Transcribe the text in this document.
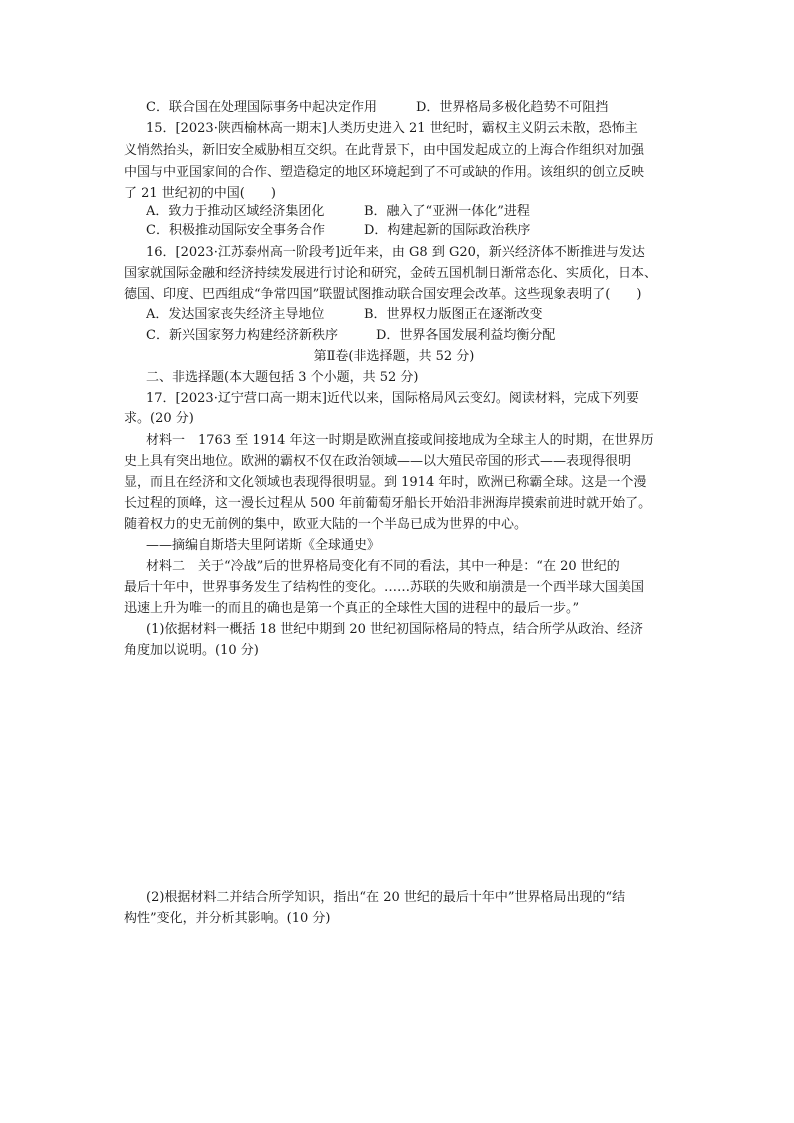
C．联合国在处理国际事务中起决定作用	D．世界格局多极化趋势不可阻挡
15．[2023·陕西榆林高一期末]人类历史进入 21 世纪时，霸权主义阴云未散，恐怖主
义悄然抬头，新旧安全威胁相互交织。在此背景下，由中国发起成立的上海合作组织对加强
中国与中亚国家间的合作、塑造稳定的地区环境起到了不可或缺的作用。该组织的创立反映
了 21 世纪初的中国(　　)
A．致力于推动区域经济集团化	B．融入了“亚洲一体化”进程
C．积极推动国际安全事务合作	D．构建起新的国际政治秩序
16．[2023·江苏泰州高一阶段考]近年来，由 G8 到 G20，新兴经济体不断推进与发达
国家就国际金融和经济持续发展进行讨论和研究，金砖五国机制日渐常态化、实质化，日本、
德国、印度、巴西组成“争常四国”联盟试图推动联合国安理会改革。这些现象表明了(　　)
A．发达国家丧失经济主导地位	B．世界权力版图正在逐渐改变
C．新兴国家努力构建经济新秩序	D．世界各国发展利益均衡分配
第Ⅱ卷(非选择题，共 52 分)
二、非选择题(本大题包括 3 个小题，共 52 分)
17．[2023·辽宁营口高一期末]近代以来，国际格局风云变幻。阅读材料，完成下列要
求。(20 分)
材料一　1763 至 1914 年这一时期是欧洲直接或间接地成为全球主人的时期，在世界历
史上具有突出地位。欧洲的霸权不仅在政治领域——以大殖民帝国的形式——表现得很明
显，而且在经济和文化领域也表现得很明显。到 1914 年时，欧洲已称霸全球。这是一个漫
长过程的顶峰，这一漫长过程从 500 年前葡萄牙船长开始沿非洲海岸摸索前进时就开始了。
随着权力的史无前例的集中，欧亚大陆的一个半岛已成为世界的中心。
——摘编自斯塔夫里阿诺斯《全球通史》
材料二　关于“冷战”后的世界格局变化有不同的看法，其中一种是：“在 20 世纪的
最后十年中，世界事务发生了结构性的变化。……苏联的失败和崩溃是一个西半球大国美国
迅速上升为唯一的而且的确也是第一个真正的全球性大国的进程中的最后一步。”
(1)依据材料一概括 18 世纪中期到 20 世纪初国际格局的特点，结合所学从政治、经济
角度加以说明。(10 分)
(2)根据材料二并结合所学知识，指出“在 20 世纪的最后十年中”世界格局出现的“结
构性”变化，并分析其影响。(10 分)
